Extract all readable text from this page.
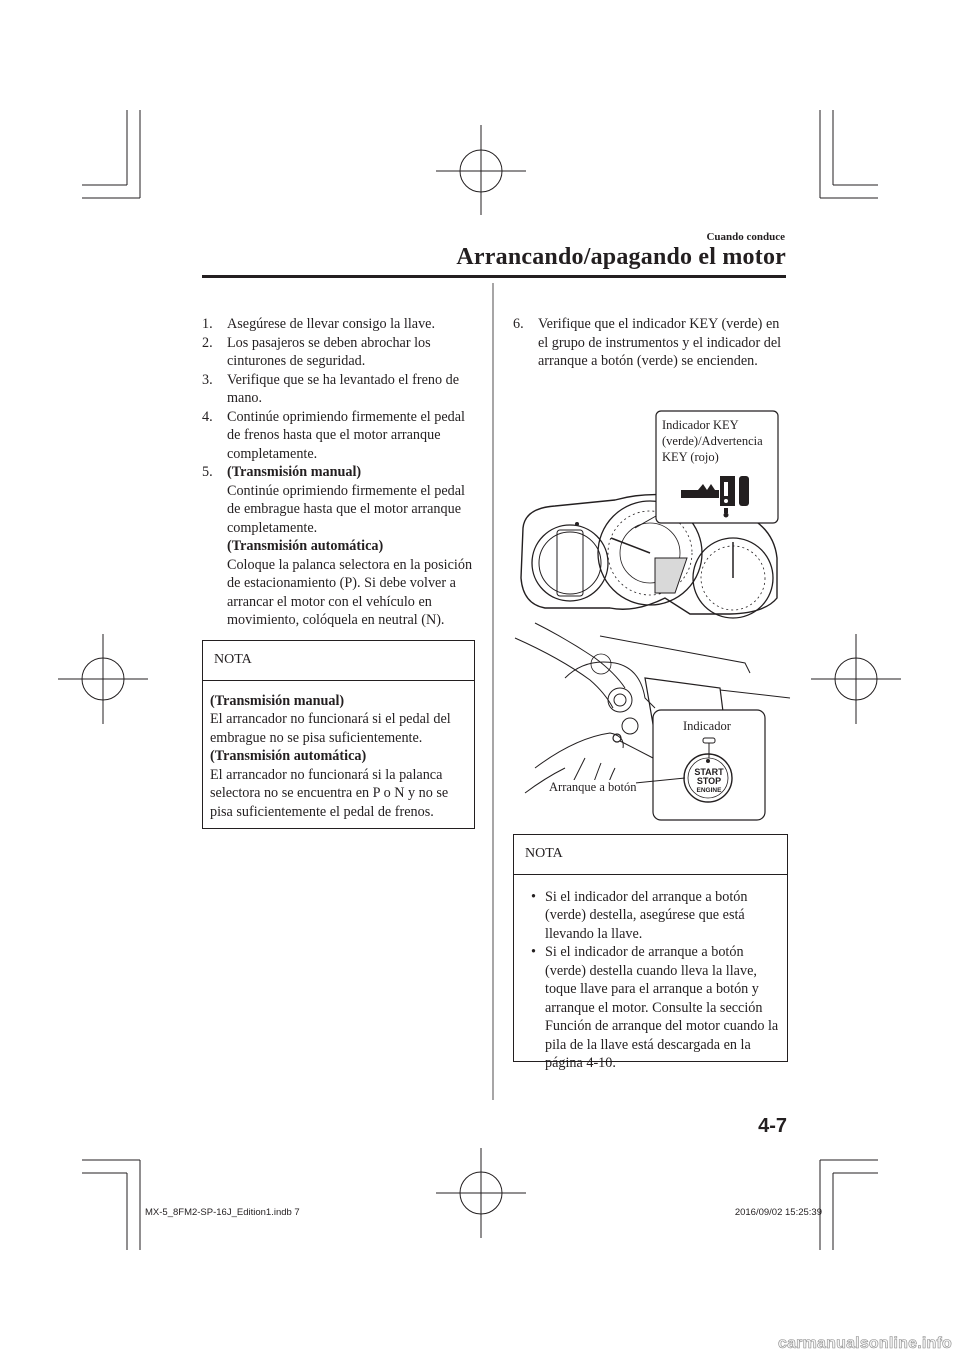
Cuando conduce
Arrancando/apagando el motor
1. Asegúrese de llevar consigo la llave.
2. Los pasajeros se deben abrochar los cinturones de seguridad.
3. Verifique que se ha levantado el freno de mano.
4. Continúe oprimiendo firmemente el pedal de frenos hasta que el motor arranque completamente.
5. (Transmisión manual)
Continúe oprimiendo firmemente el pedal de embrague hasta que el motor arranque completamente.
(Transmisión automática)
Coloque la palanca selectora en la posición de estacionamiento (P). Si debe volver a arrancar el motor con el vehículo en movimiento, colóquela en neutral (N).
NOTA
(Transmisión manual)
El arrancador no funcionará si el pedal del embrague no se pisa suficientemente.
(Transmisión automática)
El arrancador no funcionará si la palanca selectora no se encuentra en P o N y no se pisa suficientemente el pedal de frenos.
6. Verifique que el indicador KEY (verde) en el grupo de instrumentos y el indicador del arranque a botón (verde) se encienden.
Indicador KEY
(verde)/Advertencia
KEY (rojo)
Indicador
START
STOP
ENGINE
Arranque a botón
NOTA
• Si el indicador del arranque a botón (verde) destella, asegúrese que está llevando la llave.
• Si el indicador de arranque a botón (verde) destella cuando lleva la llave, toque llave para el arranque a botón y arranque el motor. Consulte la sección Función de arranque del motor cuando la pila de la llave está descargada en la página 4-10.
4-7
MX-5_8FM2-SP-16J_Edition1.indb 7	2016/09/02 15:25:39
carmanualsonline.info
